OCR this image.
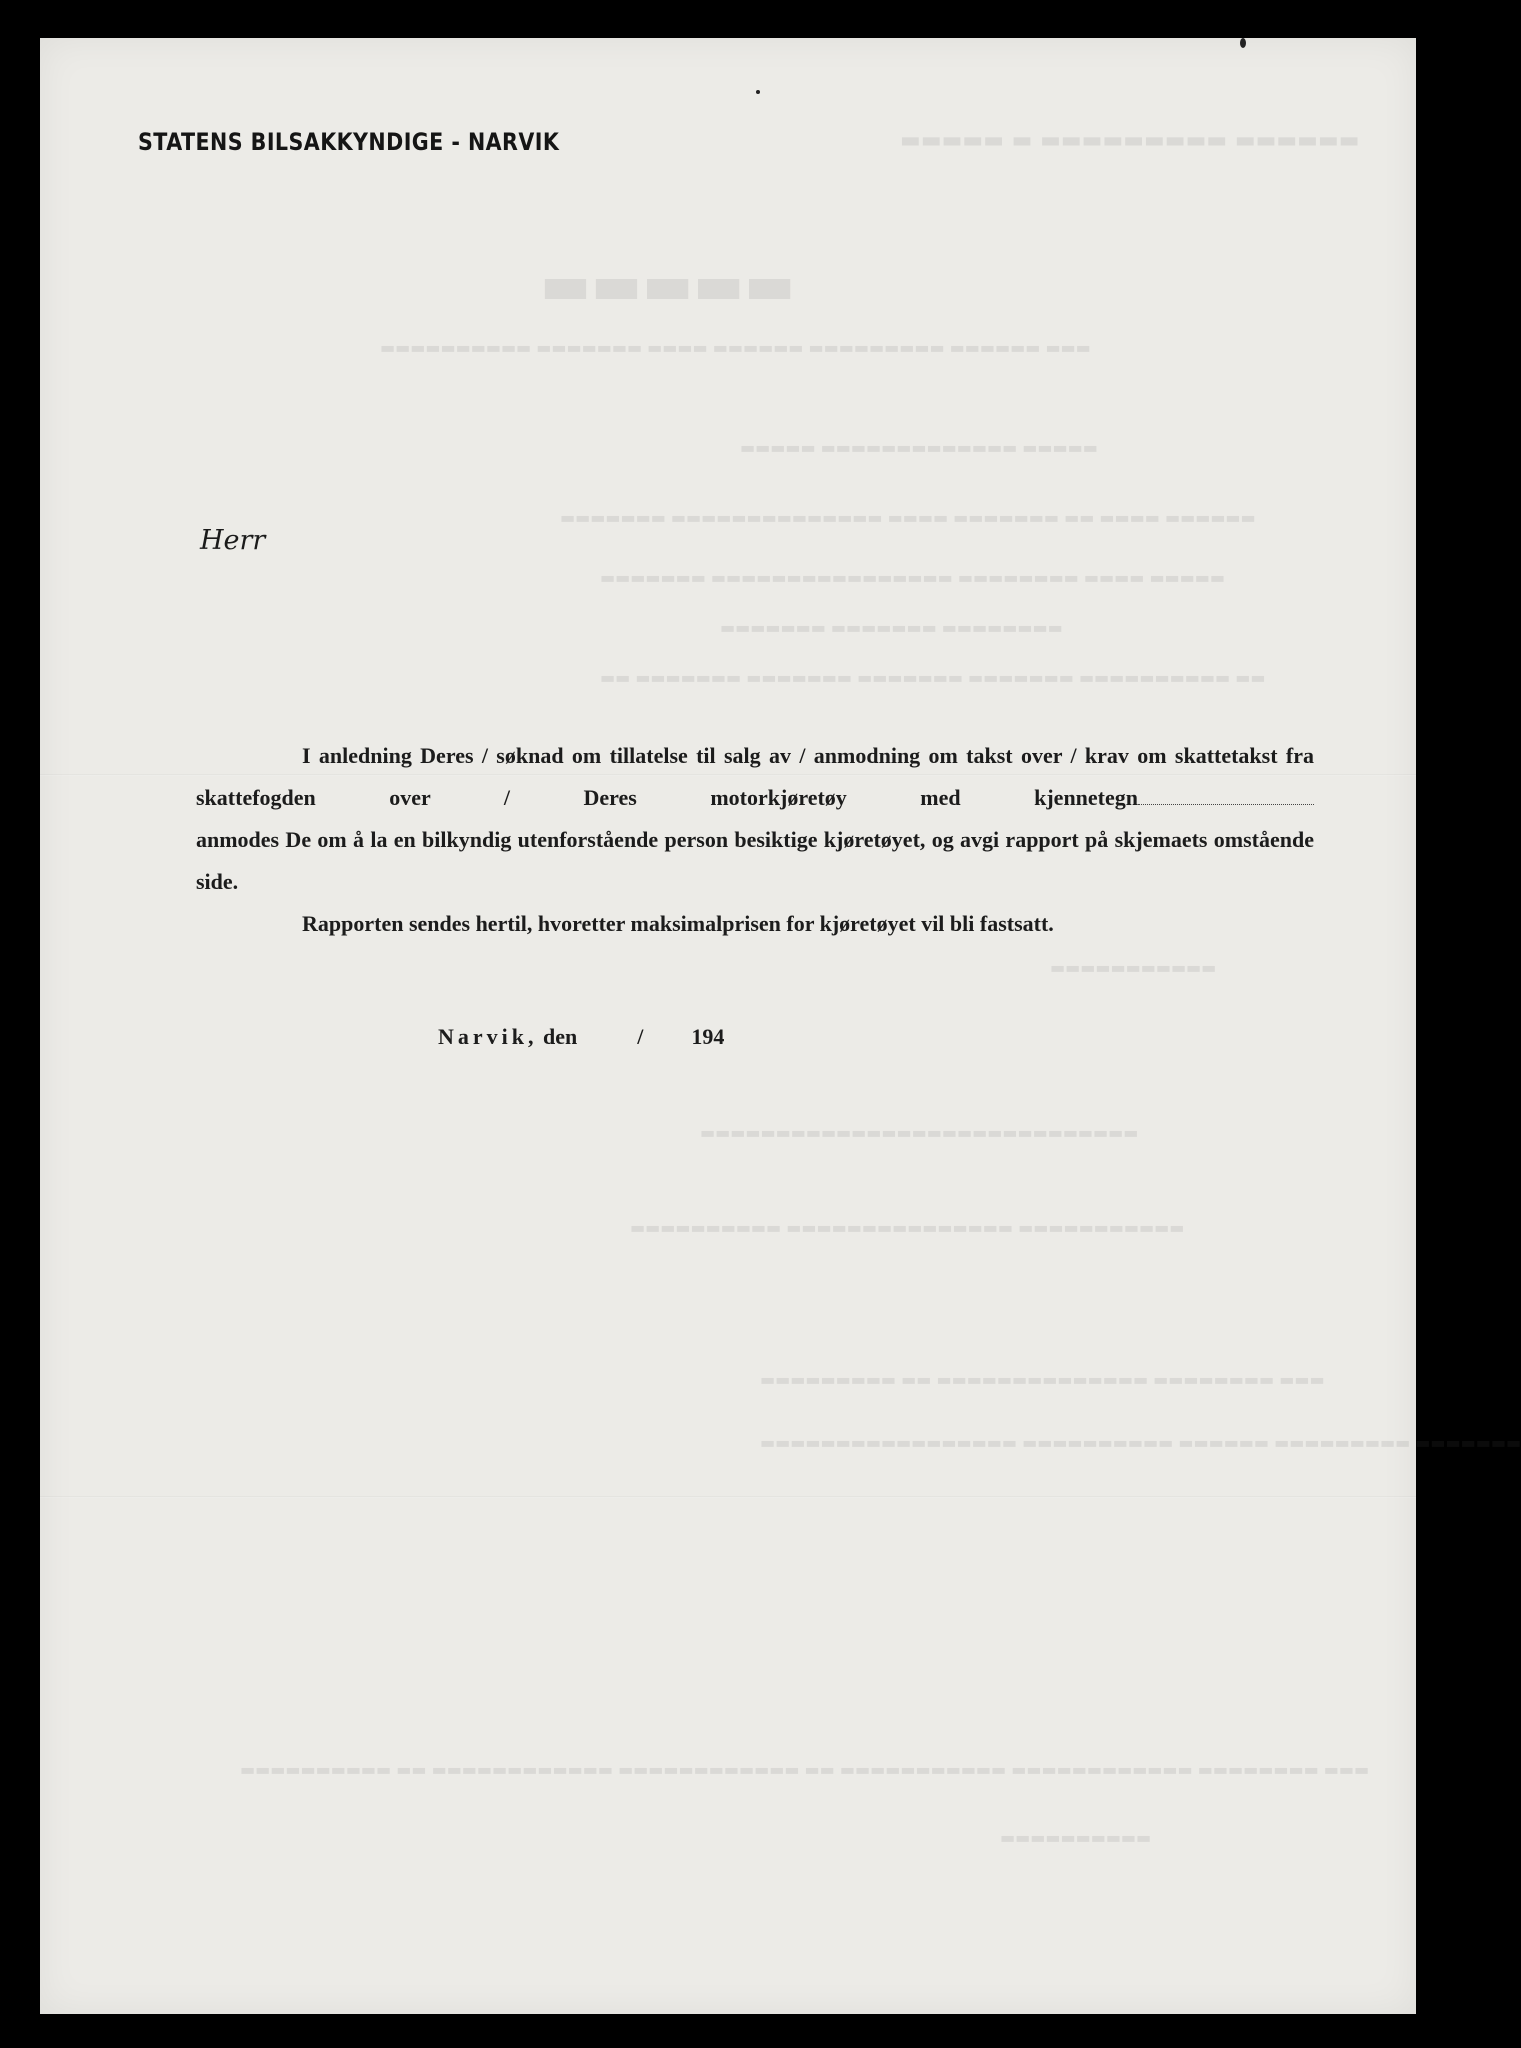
▬▬▬▬▬▬ ▬▬▬▬▬▬▬▬▬ ▬ ▬▬▬▬▬
▬▬▬▬▬
▬▬▬ ▬▬▬▬▬▬ ▬▬▬▬▬▬▬▬▬ ▬▬▬▬▬▬ ▬▬▬▬ ▬▬▬▬▬▬▬ ▬▬▬▬▬▬▬▬▬▬
▬▬▬▬▬ ▬▬▬▬▬▬▬▬▬▬▬▬▬ ▬▬▬▬▬
▬▬▬▬▬▬ ▬▬▬▬ ▬▬ ▬▬▬▬▬▬▬ ▬▬▬▬ ▬▬▬▬▬▬▬▬▬▬▬▬▬▬ ▬▬▬▬▬▬▬
▬▬▬▬▬ ▬▬▬▬ ▬▬▬▬▬▬▬▬ ▬▬▬▬▬▬▬▬▬▬▬▬▬▬▬▬ ▬▬▬▬▬▬▬
▬▬▬▬▬▬▬▬ ▬▬▬▬▬▬▬ ▬▬▬▬▬▬▬
▬▬ ▬▬▬▬▬▬▬▬▬▬ ▬▬▬▬▬▬▬ ▬▬▬▬▬▬▬ ▬▬▬▬▬▬▬ ▬▬▬▬▬▬▬ ▬▬
▬▬▬▬▬▬▬▬▬▬▬
▬▬▬▬▬▬▬▬▬▬▬▬▬▬▬▬▬▬▬▬▬▬▬▬▬▬▬▬▬
▬▬▬▬▬▬▬▬▬▬▬ ▬▬▬▬▬▬▬▬▬▬▬▬▬▬▬ ▬▬▬▬▬▬▬▬▬▬
▬▬▬ ▬▬▬▬▬▬▬▬ ▬▬▬▬▬▬▬▬▬▬▬▬▬▬ ▬▬ ▬▬▬▬▬▬▬▬▬
▬▬▬▬▬▬▬ ▬▬▬▬▬▬▬▬▬ ▬▬▬▬▬▬ ▬▬▬▬▬▬▬▬▬▬ ▬▬▬▬▬▬▬▬▬▬▬▬▬▬▬▬▬
▬▬▬ ▬▬▬▬▬▬▬▬ ▬▬▬▬▬▬▬▬▬▬▬▬ ▬▬▬▬▬▬▬▬▬▬▬ ▬▬ ▬▬▬▬▬▬▬▬▬▬▬▬ ▬▬▬▬▬▬▬▬▬▬▬▬ ▬▬ ▬▬▬▬▬▬▬▬▬▬
▬▬▬▬▬▬▬▬▬▬
STATENS BILSAKKYNDIGE - NARVIK
Herr

I anledning Deres / søknad om tillatelse til salg av / anmodning om takst over / krav om skattetakst fra skattefogden over / Deres motorkjøretøy med kjennetegn

anmodes De om å la en bilkyndig utenforstående person besiktige kjøretøyet, og avgi rapport på skjemaets omstående side.

Rapporten sendes hertil, hvoretter maksimalprisen for kjøretøyet vil bli fastsatt.

Narvik, den	/ 194
